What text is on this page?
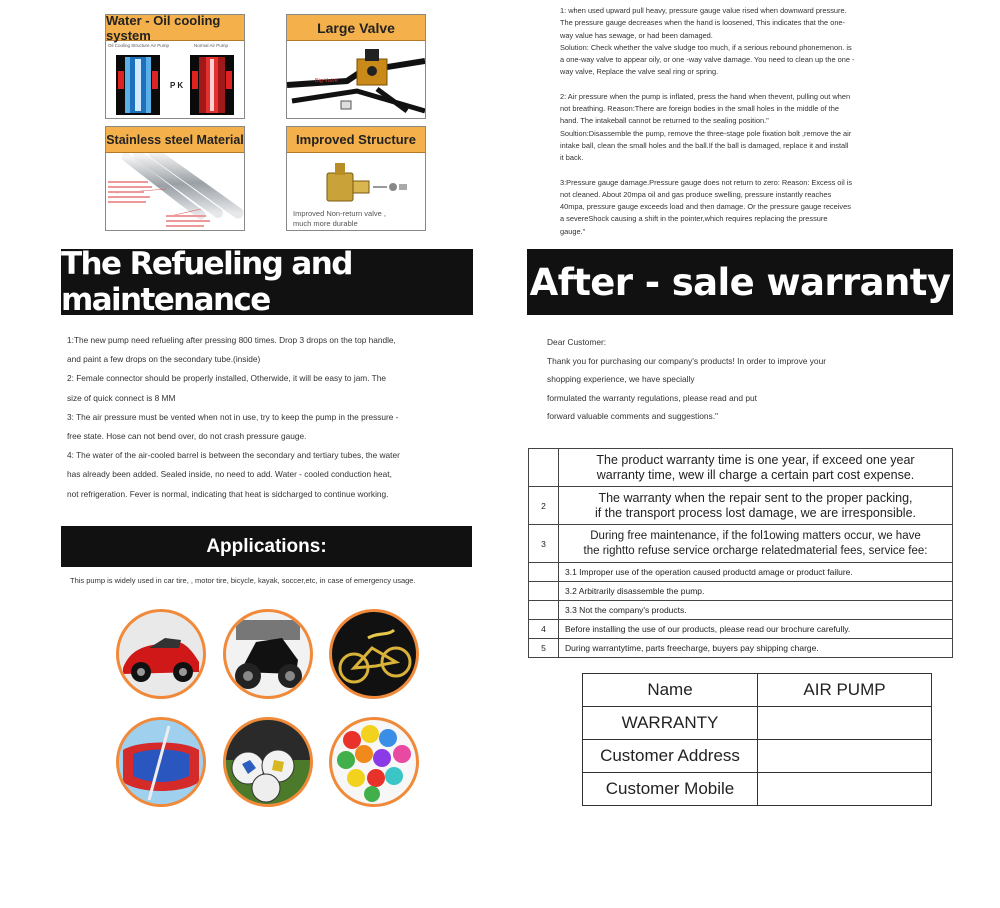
Water - Oil cooling system
Oil Cooling Structure Air Pump	Normal Air Pump
P K
Large Valve
Big Valve
Stainless steel Material	Improved Structure
Improved Non-return valve ,
much more durable
1: when used upward pull heavy, pressure gauge value rised when downward pressure.
The pressure gauge decreases when the hand is loosened, This indicates that the one-
way value has sewage, or had been damaged.
Solution: Check whether the valve sludge too much, if a serious rebound phonemenon. is
a one-way valve to appear oily, or one -way valve damage. You need to clean up the one -
way valve, Replace the valve seal ring or spring.
2: Air pressure when the pump is inflated, press the hand when thevent, pulling out when
not breathing. Reason:There are foreign bodies in the small holes in the middle of the
hand. The intakeball cannot be returned to the sealing position."
Soultion:Disassemble the pump, remove the three-stage pole fixation bolt ,remove the air
intake ball, clean the small holes and the ball.If the ball is damaged, replace it and install
it back.
3:Pressure gauge damage.Pressure gauge does not return to zero: Reason: Excess oil is
not cleaned. About 20mpa oil and gas produce swelling, pressure instantly reaches
40mpa, pressure gauge exceeds load and then damage. Or the pressure gauge receives
a severeShock causing a shift in the pointer,which requires replacing the pressure
gauge."
The Refueling and maintenance	After - sale warranty
1:The new pump need refueling after pressing 800 times. Drop 3 drops on the top handle,
and paint a few drops on the secondary tube.(inside)
2: Female connector should be properly installed, Otherwide, it will be easy to jam. The
size of quick connect is 8 MM
3: The air pressure must be vented when not in use, try to keep the pump in the pressure -
free state. Hose can not bend over, do not crash pressure gauge.
4: The water of the air-cooled barrel is between the secondary and tertiary tubes, the water
has already been added. Sealed inside, no need to add. Water - cooled conduction heat,
not refrigeration. Fever is normal, indicating that heat is sidcharged to continue working.
Applications:
This pump is widely used in car tire, , motor tire, bicycle, kayak, soccer,etc, in case of emergency usage.
Dear Customer:
Thank you for purchasing our company's products! In order to improve your
shopping experience, we have specially
formulated the warranty regulations, please read and put
forward valuable comments and suggestions."

	The product warranty time is one year, if exceed one year
warranty time, wew ill charge a certain part cost expense.

2	The warranty when the repair sent to the proper packing,
if the transport process lost damage, we are irresponsible.

3	During free maintenance, if the fol1owing matters occur, we have
the rightto refuse service orcharge relatedmaterial fees, service fee:

	3.1 Improper use of the operation caused productd amage or product failure.
	3.2 Arbitrarily disassemble the pump.
	3.3 Not the company's products.
4	Before installing the use of our products, please read our brochure carefully.
5	During warrantytime, parts freecharge, buyers pay shipping charge.
Name	AIR PUMP
WARRANTY	
Customer Address	
Customer Mobile	
